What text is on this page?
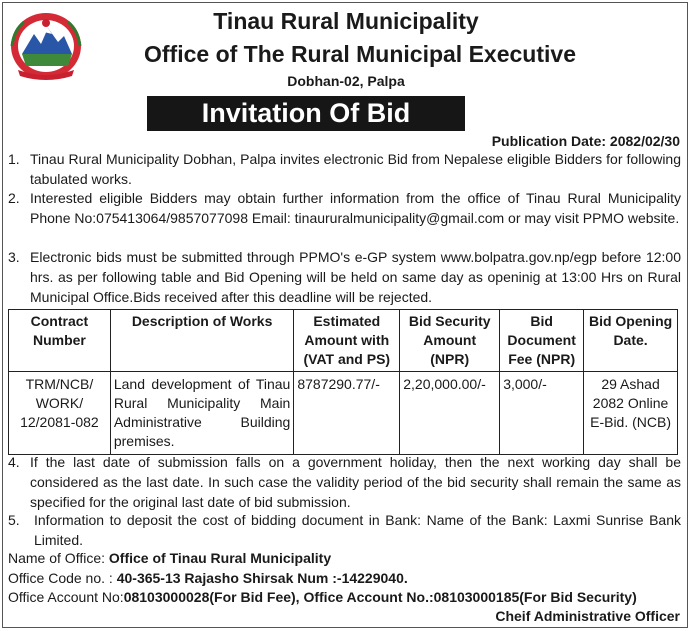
Tinau Rural Municipality
Office of The Rural Municipal Executive
Dobhan-02, Palpa
Invitation Of Bid
Publication Date: 2082/02/30
1. Tinau Rural Municipality Dobhan, Palpa invites electronic Bid from Nepalese eligible Bidders for following tabulated works.
2. Interested eligible Bidders may obtain further information from the office of Tinau Rural Municipality Phone No:075413064/9857077098 Email: tinaururalmunicipality@gmail.com or may visit PPMO website.
3. Electronic bids must be submitted through PPMO's e-GP system www.bolpatra.gov.np/egp before 12:00 hrs. as per following table and Bid Opening will be held on same day as openinig at 13:00 Hrs on Rural Municipal Office.Bids received after this deadline will be rejected.
Contract Number	Description of Works	Estimated Amount with (VAT and PS)	Bid Security Amount (NPR)	Bid Document Fee (NPR)	Bid Opening Date.
TRM/NCB/ WORK/ 12/2081-082	Land development of Tinau Rural Municipality Main Administrative Building premises.	8787290.77/-	2,20,000.00/-	3,000/-	29 Ashad 2082 Online E-Bid. (NCB)
4. If the last date of submission falls on a government holiday, then the next working day shall be considered as the last date. In such case the validity period of the bid security shall remain the same as specified for the original last date of bid submission.
5.	Information to deposit the cost of bidding document in Bank: Name of the Bank: Laxmi Sunrise Bank Limited.
Name of Office: Office of Tinau Rural Municipality
Office Code no. : 40-365-13 Rajasho Shirsak Num :-14229040.
Office Account No:08103000028(For Bid Fee), Office Account No.:08103000185(For Bid Security)
Cheif Administrative Officer
